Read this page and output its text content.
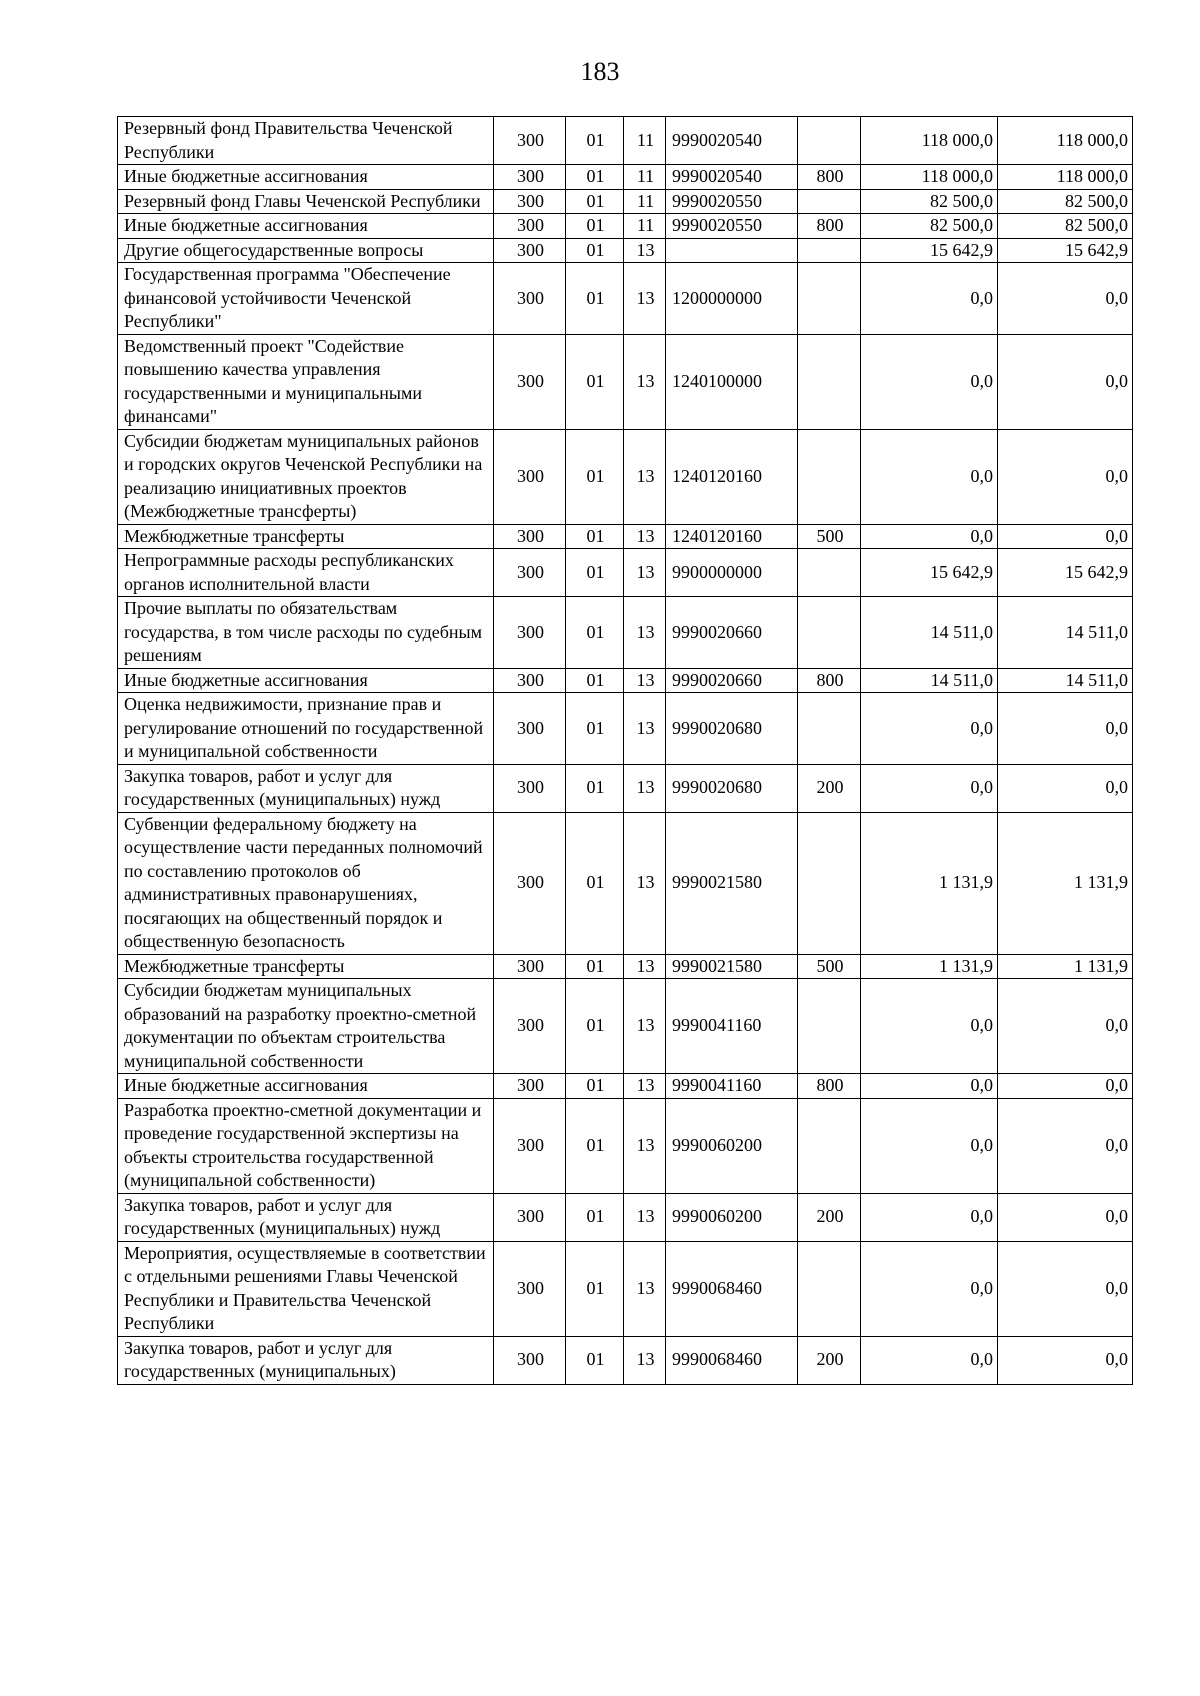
183
Резервный фонд Правительства Чеченской Республики	300	01	11	9990020540		118 000,0	118 000,0
Иные бюджетные ассигнования	300	01	11	9990020540	800	118 000,0	118 000,0
Резервный фонд Главы Чеченской Республики	300	01	11	9990020550		82 500,0	82 500,0
Иные бюджетные ассигнования	300	01	11	9990020550	800	82 500,0	82 500,0
Другие общегосударственные вопросы	300	01	13			15 642,9	15 642,9
Государственная программа "Обеспечение финансовой устойчивости Чеченской Республики"	300	01	13	1200000000		0,0	0,0
Ведомственный проект "Содействие повышению качества управления государственными и муниципальными финансами"	300	01	13	1240100000		0,0	0,0
Субсидии бюджетам муниципальных районов и городских округов Чеченской Республики на реализацию инициативных проектов (Межбюджетные трансферты)	300	01	13	1240120160		0,0	0,0
Межбюджетные трансферты	300	01	13	1240120160	500	0,0	0,0
Непрограммные расходы республиканских органов исполнительной власти	300	01	13	9900000000		15 642,9	15 642,9
Прочие выплаты по обязательствам государства, в том числе расходы по судебным решениям	300	01	13	9990020660		14 511,0	14 511,0
Иные бюджетные ассигнования	300	01	13	9990020660	800	14 511,0	14 511,0
Оценка недвижимости, признание прав и регулирование отношений по государственной и муниципальной собственности	300	01	13	9990020680		0,0	0,0
Закупка товаров, работ и услуг для государственных (муниципальных) нужд	300	01	13	9990020680	200	0,0	0,0
Субвенции федеральному бюджету на осуществление части переданных полномочий по составлению протоколов об административных правонарушениях, посягающих на общественный порядок и общественную безопасность	300	01	13	9990021580		1 131,9	1 131,9
Межбюджетные трансферты	300	01	13	9990021580	500	1 131,9	1 131,9
Субсидии бюджетам муниципальных образований на разработку проектно-сметной документации по объектам строительства муниципальной собственности	300	01	13	9990041160		0,0	0,0
Иные бюджетные ассигнования	300	01	13	9990041160	800	0,0	0,0
Разработка проектно-сметной документации и проведение государственной экспертизы на объекты строительства государственной (муниципальной собственности)	300	01	13	9990060200		0,0	0,0
Закупка товаров, работ и услуг для государственных (муниципальных) нужд	300	01	13	9990060200	200	0,0	0,0
Мероприятия, осуществляемые в соответствии с отдельными решениями Главы Чеченской Республики и Правительства Чеченской Республики	300	01	13	9990068460		0,0	0,0
Закупка товаров, работ и услуг для государственных (муниципальных)	300	01	13	9990068460	200	0,0	0,0
